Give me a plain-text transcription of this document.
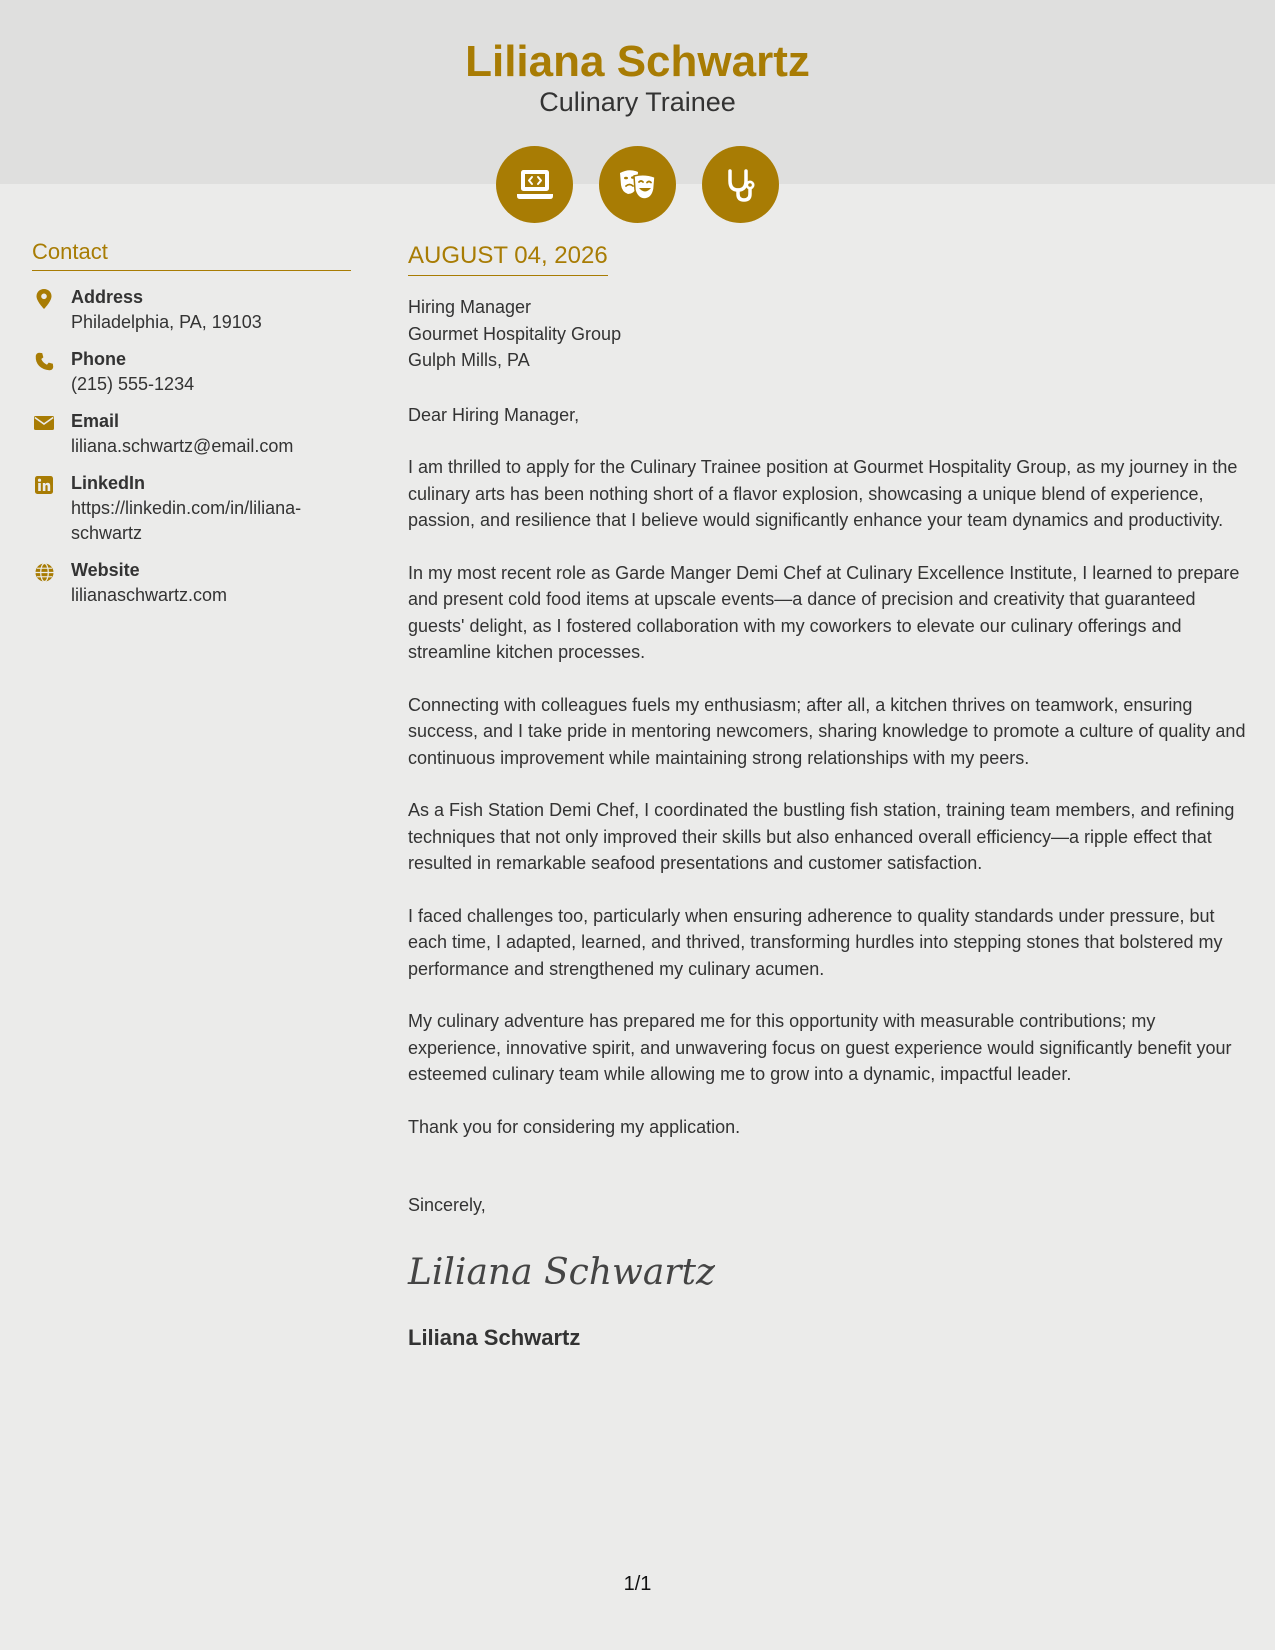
Liliana Schwartz
Culinary Trainee
Contact
Address
Philadelphia, PA, 19103
Phone
(215) 555-1234
Email
liliana.schwartz@email.com
LinkedIn
https://linkedin.com/in/liliana-schwartz
Website
lilianaschwartz.com
AUGUST 04, 2026
Hiring Manager
Gourmet Hospitality Group
Gulph Mills, PA
Dear Hiring Manager,
I am thrilled to apply for the Culinary Trainee position at Gourmet Hospitality Group, as my journey in the culinary arts has been nothing short of a flavor explosion, showcasing a unique blend of experience, passion, and resilience that I believe would significantly enhance your team dynamics and productivity.
In my most recent role as Garde Manger Demi Chef at Culinary Excellence Institute, I learned to prepare and present cold food items at upscale events—a dance of precision and creativity that guaranteed guests' delight, as I fostered collaboration with my coworkers to elevate our culinary offerings and streamline kitchen processes.
Connecting with colleagues fuels my enthusiasm; after all, a kitchen thrives on teamwork, ensuring success, and I take pride in mentoring newcomers, sharing knowledge to promote a culture of quality and continuous improvement while maintaining strong relationships with my peers.
As a Fish Station Demi Chef, I coordinated the bustling fish station, training team members, and refining techniques that not only improved their skills but also enhanced overall efficiency—a ripple effect that resulted in remarkable seafood presentations and customer satisfaction.
I faced challenges too, particularly when ensuring adherence to quality standards under pressure, but each time, I adapted, learned, and thrived, transforming hurdles into stepping stones that bolstered my performance and strengthened my culinary acumen.
My culinary adventure has prepared me for this opportunity with measurable contributions; my experience, innovative spirit, and unwavering focus on guest experience would significantly benefit your esteemed culinary team while allowing me to grow into a dynamic, impactful leader.
Thank you for considering my application.
Sincerely,
Liliana Schwartz
Liliana Schwartz
1/1
